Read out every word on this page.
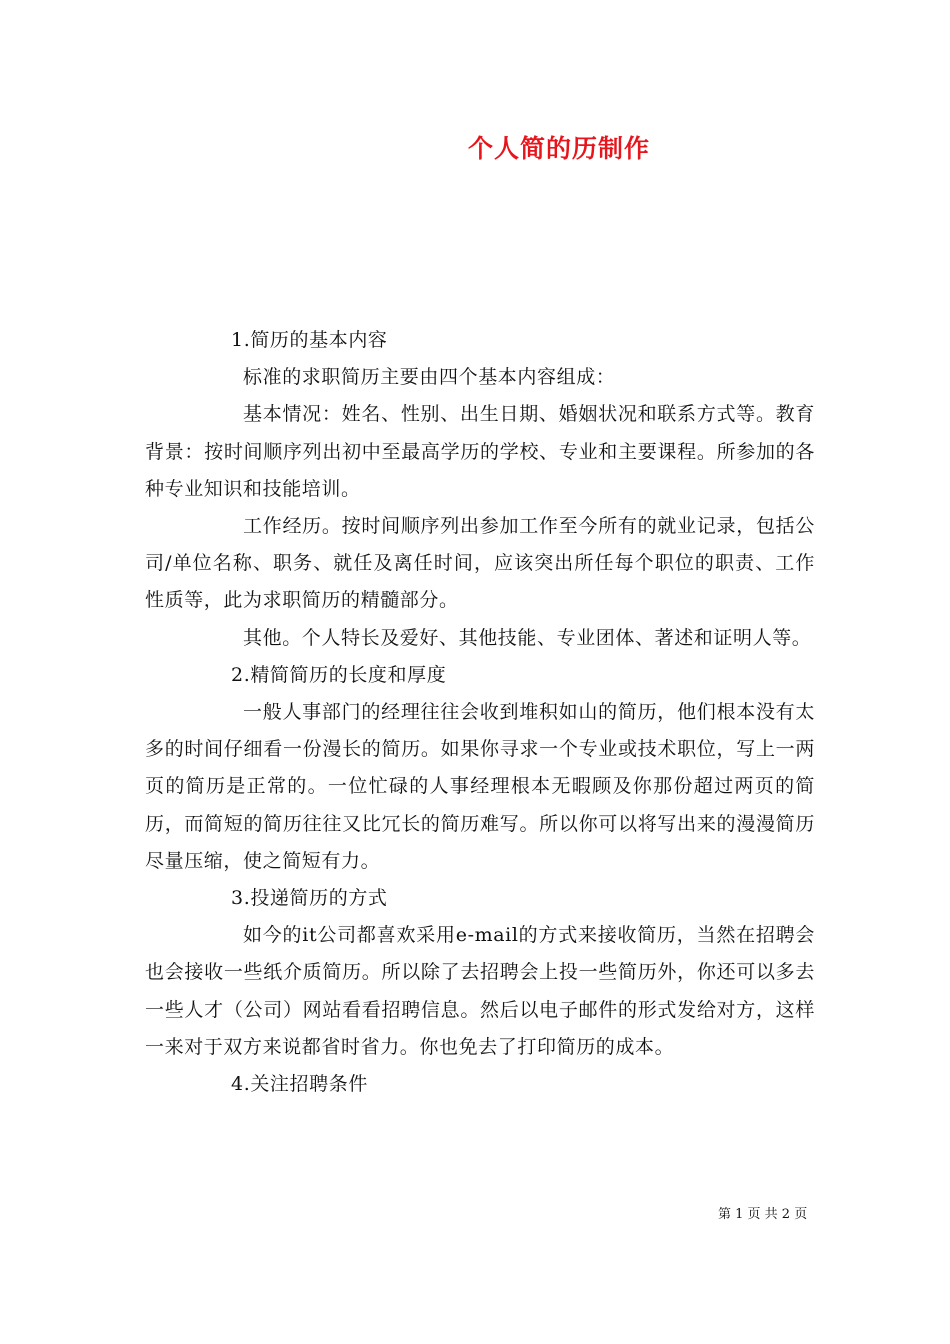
个人简的历制作

1.简历的基本内容

标准的求职简历主要由四个基本内容组成：

基本情况：姓名、性别、出生日期、婚姻状况和联系方式等。教育背景：按时间顺序列出初中至最高学历的学校、专业和主要课程。所参加的各种专业知识和技能培训。

工作经历。按时间顺序列出参加工作至今所有的就业记录，包括公司/单位名称、职务、就任及离任时间，应该突出所任每个职位的职责、工作性质等，此为求职简历的精髓部分。

其他。个人特长及爱好、其他技能、专业团体、著述和证明人等。

2.精简简历的长度和厚度

一般人事部门的经理往往会收到堆积如山的简历，他们根本没有太多的时间仔细看一份漫长的简历。如果你寻求一个专业或技术职位，写上一两页的简历是正常的。一位忙碌的人事经理根本无暇顾及你那份超过两页的简历，而简短的简历往往又比冗长的简历难写。所以你可以将写出来的漫漫简历尽量压缩，使之简短有力。

3.投递简历的方式

如今的it公司都喜欢采用e-mail的方式来接收简历，当然在招聘会也会接收一些纸介质简历。所以除了去招聘会上投一些简历外，你还可以多去一些人才（公司）网站看看招聘信息。然后以电子邮件的形式发给对方，这样一来对于双方来说都省时省力。你也免去了打印简历的成本。

4.关注招聘条件

第 1 页 共 2 页
